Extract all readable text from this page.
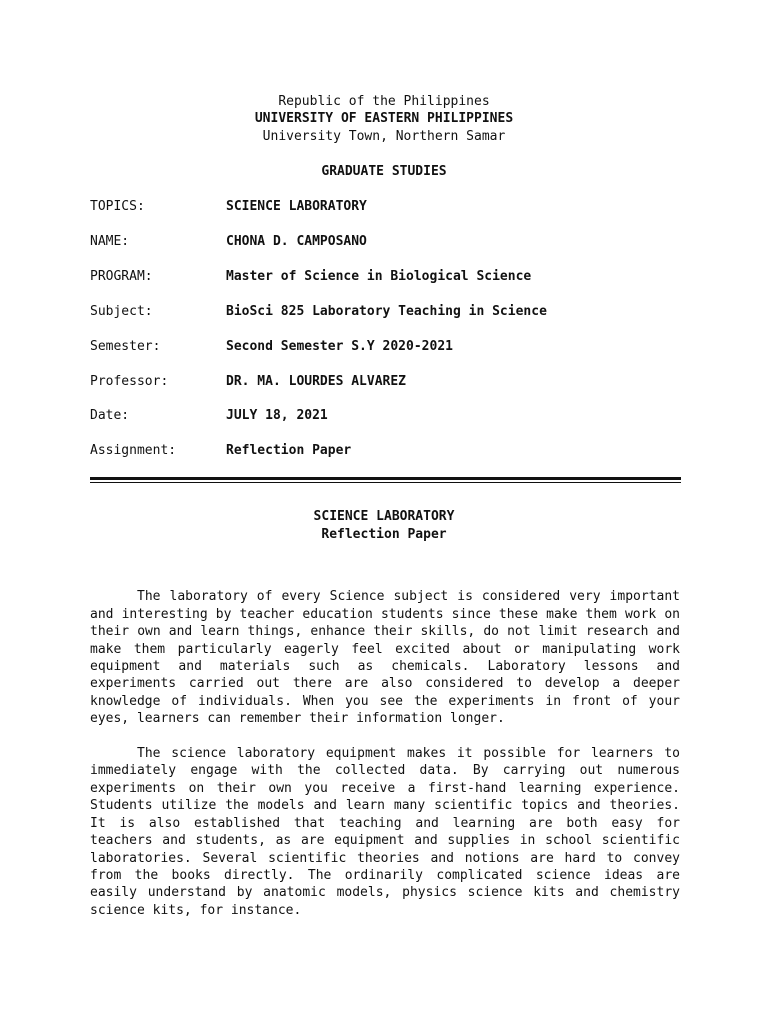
Republic of the Philippines
UNIVERSITY OF EASTERN PHILIPPINES
University Town, Northern Samar
GRADUATE STUDIES
TOPICS:	SCIENCE LABORATORY
NAME:	CHONA D. CAMPOSANO
PROGRAM:	Master of Science in Biological Science
Subject:	BioSci 825 Laboratory Teaching in Science
Semester:	Second Semester S.Y 2020-2021
Professor:	DR. MA. LOURDES ALVAREZ
Date:	JULY 18, 2021
Assignment:	Reflection Paper
SCIENCE LABORATORY
Reflection Paper

The laboratory of every Science subject is considered very important and interesting by teacher education students since these make them work on their own and learn things, enhance their skills, do not limit research and make them particularly eagerly feel excited about or manipulating work equipment and materials such as chemicals. Laboratory lessons and experiments carried out there are also considered to develop a deeper knowledge of individuals. When you see the experiments in front of your eyes, learners can remember their information longer.

The science laboratory equipment makes it possible for learners to immediately engage with the collected data. By carrying out numerous experiments on their own you receive a first-hand learning experience. Students utilize the models and learn many scientific topics and theories. It is also established that teaching and learning are both easy for teachers and students, as are equipment and supplies in school scientific laboratories. Several scientific theories and notions are hard to convey from the books directly. The ordinarily complicated science ideas are easily understand by anatomic models, physics science kits and chemistry science kits, for instance.
